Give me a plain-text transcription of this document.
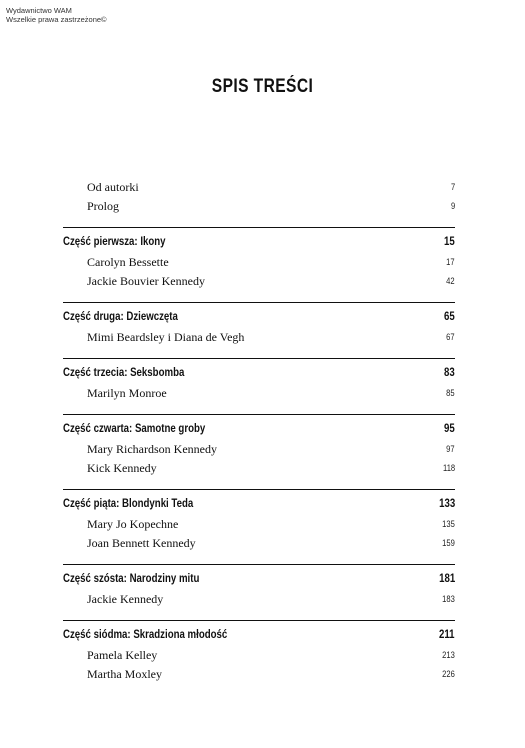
Wydawnictwo WAM
Wszelkie prawa zastrzeżone©
SPIS TREŚCI
Od autorki	7
Prolog	9
Część pierwsza: Ikony	15
Carolyn Bessette	17
Jackie Bouvier Kennedy	42
Część druga: Dziewczęta	65
Mimi Beardsley i Diana de Vegh	67
Część trzecia: Seksbomba	83
Marilyn Monroe	85
Część czwarta: Samotne groby	95
Mary Richardson Kennedy	97
Kick Kennedy	118
Część piąta: Blondynki Teda	133
Mary Jo Kopechne	135
Joan Bennett Kennedy	159
Część szósta: Narodziny mitu	181
Jackie Kennedy	183
Część siódma: Skradziona młodość	211
Pamela Kelley	213
Martha Moxley	226
